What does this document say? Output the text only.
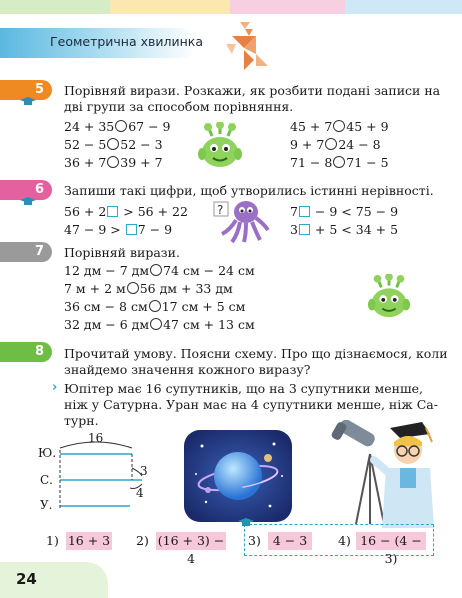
Геометрична хвилинка
5	Порівняй вирази. Розкажи, як розбити подані записи на
дві групи за способом порівняння.
24 + 35 67 − 9
52 − 5 52 − 3
36 + 7 39 + 7
45 + 7 45 + 9
9 + 7 24 − 8
71 − 8 71 − 5
6	Запиши такі цифри, щоб утворились істинні нерівності.
56 + 2 > 56 + 22
47 − 9 > 7 − 9
7 − 9 < 75 − 9
3 + 5 < 34 + 5
?
7	Порівняй вирази.
12 дм − 7 дм 74 см − 24 см
7 м + 2 м 56 дм + 33 дм
36 см − 8 см 17 см + 5 см
32 дм − 6 дм 47 см + 13 см
8	Прочитай умову. Поясни схему. Про що дізнаємося, коли
знайдемо значення кожного виразу?
› Юпітер має 16 супутників, що на 3 супутники менше,
ніж у Сатурна. Уран має на 4 супутники менше, ніж Са-
турн.
16
Ю.
С.
У.
3
4
1) 16 + 3 2) (16 + 3) − 4
3) 4 − 3	4) 16 − (4 − 3)
24
